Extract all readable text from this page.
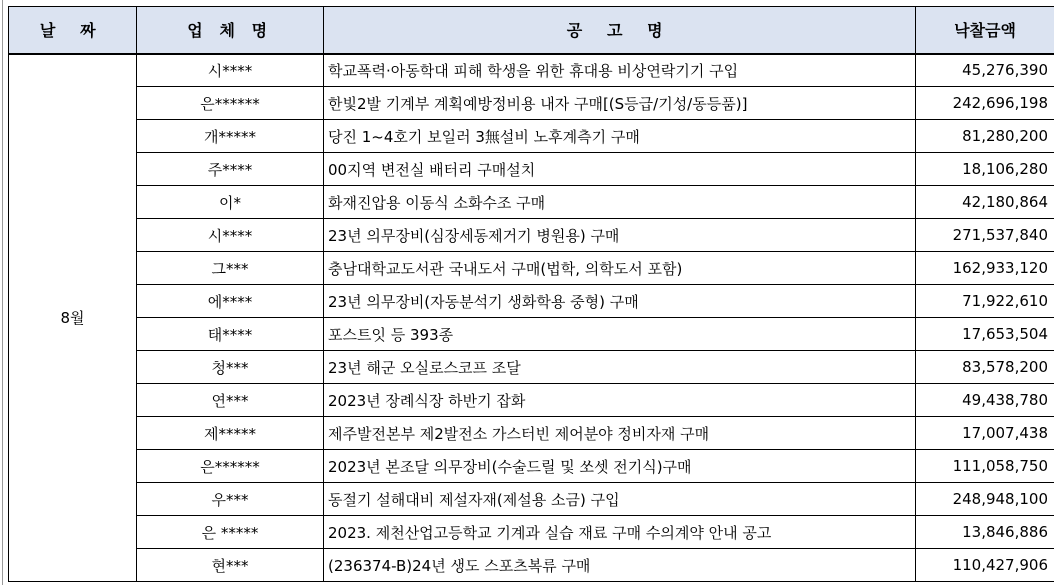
날 짜	업 체 명	공 고 명	낙찰금액
8월	시****	학교폭력·아동학대 피해 학생을 위한 휴대용 비상연락기기 구입	45,276,390
	은******	한빛2발 기계부 계획예방정비용 내자 구매[(S등급/기성/동등품)]	242,696,198
	개*****	당진 1~4호기 보일러 3無설비 노후계측기 구매	81,280,200
	주****	00지역 변전실 배터리 구매설치	18,106,280
	이*	화재진압용 이동식 소화수조 구매	42,180,864
	시****	23년 의무장비(심장세동제거기 병원용) 구매	271,537,840
	그***	충남대학교도서관 국내도서 구매(법학, 의학도서 포함)	162,933,120
	에****	23년 의무장비(자동분석기 생화학용 중형) 구매	71,922,610
	태****	포스트잇 등 393종	17,653,504
	청***	23년 해군 오실로스코프 조달	83,578,200
	연***	2023년 장례식장 하반기 잡화	49,438,780
	제*****	제주발전본부 제2발전소 가스터빈 제어분야 정비자재 구매	17,007,438
	은******	2023년 본조달 의무장비(수술드릴 및 쏘셋 전기식)구매	111,058,750
	우***	동절기 설해대비 제설자재(제설용 소금) 구입	248,948,100
	은 *****	2023. 제천산업고등학교 기계과 실습 재료 구매 수의계약 안내 공고	13,846,886
	현***	(236374-B)24년 생도 스포츠복류 구매	110,427,906
